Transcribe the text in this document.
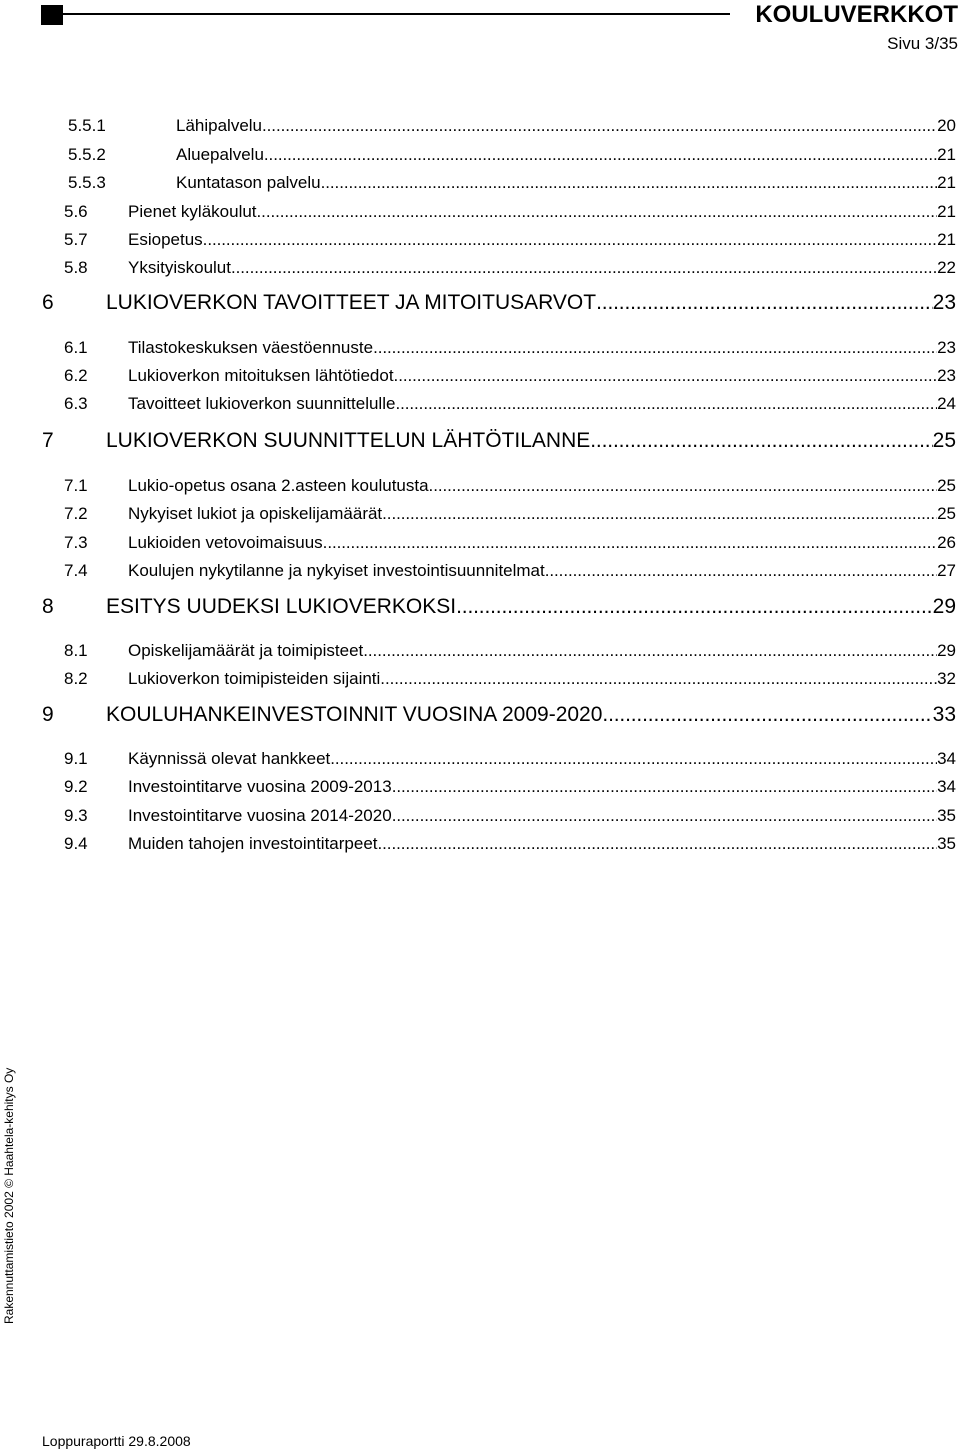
KOULUVERKKOT
Sivu 3/35
5.5.1	Lähipalvelu . . .	20
5.5.2	Aluepalvelu . . .	21
5.5.3	Kuntatason palvelu . . .	21
5.6	Pienet kyläkoulut . . .	21
5.7	Esiopetus . . .	21
5.8	Yksityiskoulut . . .	22
6	LUKIOVERKON TAVOITTEET JA MITOITUSARVOT . . .	23
6.1	Tilastokeskuksen väestöennuste . . .	23
6.2	Lukioverkon mitoituksen lähtötiedot . . .	23
6.3	Tavoitteet lukioverkon suunnittelulle . . .	24
7	LUKIOVERKON SUUNNITTELUN LÄHTÖTILANNE . . .	25
7.1	Lukio-opetus osana 2.asteen koulutusta . . .	25
7.2	Nykyiset lukiot ja opiskelijamäärät . . .	25
7.3	Lukioiden vetovoimaisuus . . .	26
7.4	Koulujen nykytilanne ja nykyiset investointisuunnitelmat . . .	27
8	ESITYS UUDEKSI LUKIOVERKOKSI . . .	29
8.1	Opiskelijamäärät ja toimipisteet . . .	29
8.2	Lukioverkon toimipisteiden sijainti . . .	32
9	KOULUHANKEINVESTOINNIT VUOSINA 2009-2020 . . .	33
9.1	Käynnissä olevat hankkeet . . .	34
9.2	Investointitarve vuosina 2009-2013 . . .	34
9.3	Investointitarve vuosina 2014-2020 . . .	35
9.4	Muiden tahojen investointitarpeet . . .	35
Rakennuttamistieto 2002 © Haahtela-kehitys Oy
Loppuraportti 29.8.2008
